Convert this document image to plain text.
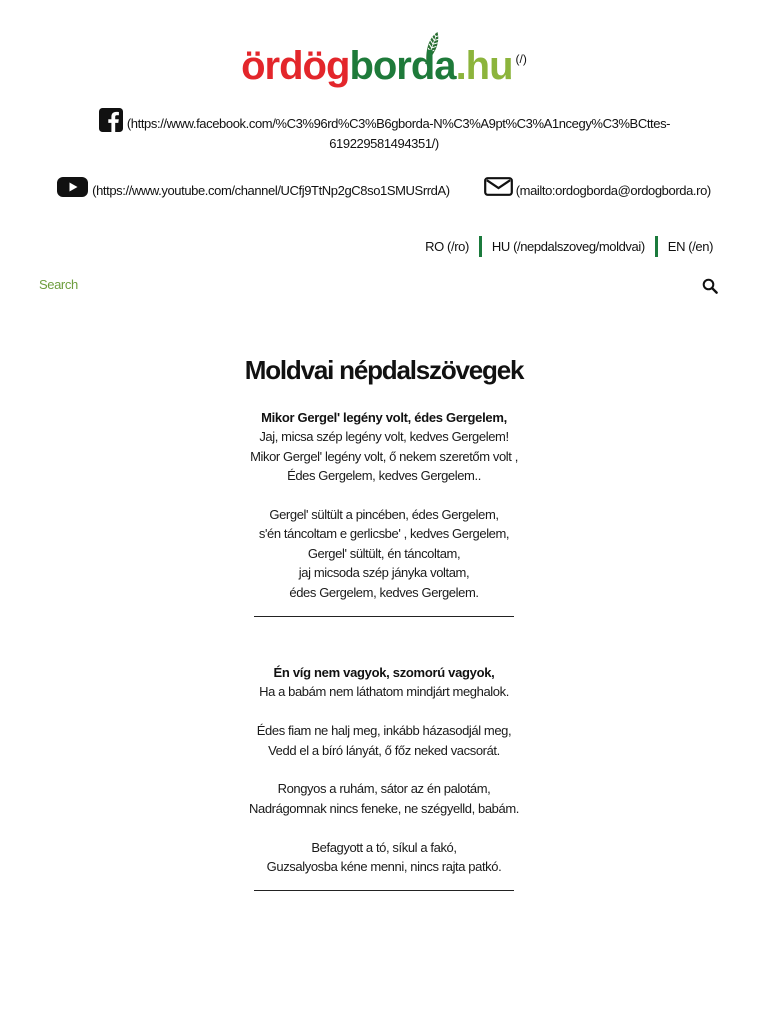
ördögborda.hu (/)
(https://www.facebook.com/%C3%96rd%C3%B6gborda-N%C3%A9pt%C3%A1ncegy%C3%BCttes-
619229581494351/)
(https://www.youtube.com/channel/UCfj9TtNp2gC8so1SMUSrrdA)	(mailto:ordogborda@ordogborda.ro)
RO (/ro) HU (/nepdalszoveg/moldvai) EN (/en)
Search
Moldvai népdalszövegek
Mikor Gergel' legény volt, édes Gergelem,
Jaj, micsa szép legény volt, kedves Gergelem!
Mikor Gergel' legény volt, ő nekem szeretőm volt ,
Édes Gergelem, kedves Gergelem..
Gergel' sültült a pincében, édes Gergelem,
s'én táncoltam e gerlicsbe' , kedves Gergelem,
Gergel' sültült, én táncoltam,
jaj micsoda szép jányka voltam,
édes Gergelem, kedves Gergelem.
Én víg nem vagyok, szomorú vagyok,
Ha a babám nem láthatom mindjárt meghalok.
Édes fiam ne halj meg, inkább házasodjál meg,
Vedd el a bíró lányát, ő főz neked vacsorát.
Rongyos a ruhám, sátor az én palotám,
Nadrágomnak nincs feneke, ne szégyelld, babám.
Befagyott a tó, síkul a fakó,
Guzsalyosba kéne menni, nincs rajta patkó.
